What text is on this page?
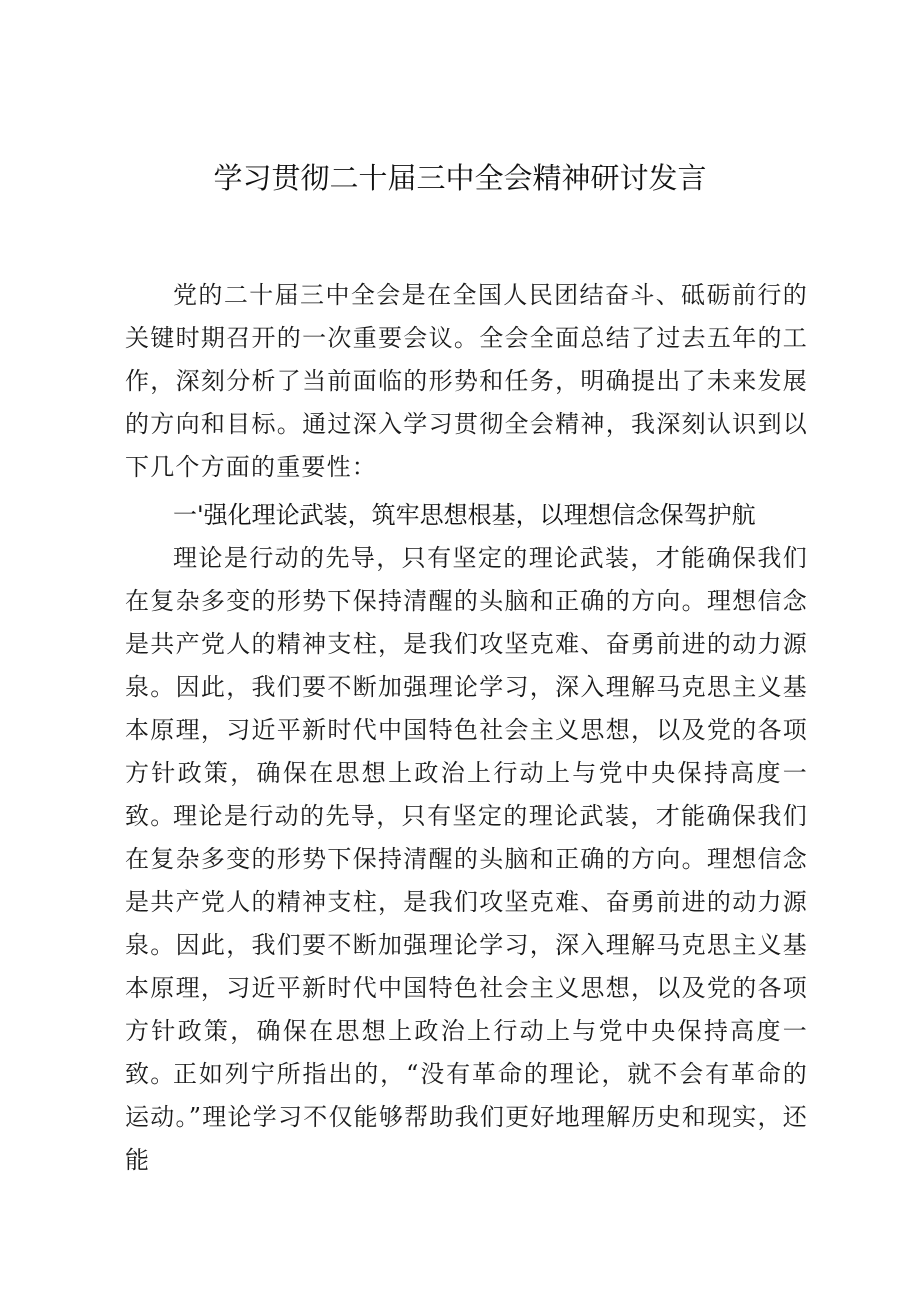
学习贯彻二十届三中全会精神研讨发言

党的二十届三中全会是在全国人民团结奋斗、砥砺前行的关键时期召开的一次重要会议。全会全面总结了过去五年的工作，深刻分析了当前面临的形势和任务，明确提出了未来发展的方向和目标。通过深入学习贯彻全会精神，我深刻认识到以下几个方面的重要性：

一'强化理论武装，筑牢思想根基，以理想信念保驾护航

理论是行动的先导，只有坚定的理论武装，才能确保我们在复杂多变的形势下保持清醒的头脑和正确的方向。理想信念是共产党人的精神支柱，是我们攻坚克难、奋勇前进的动力源泉。因此，我们要不断加强理论学习，深入理解马克思主义基本原理，习近平新时代中国特色社会主义思想，以及党的各项方针政策，确保在思想上政治上行动上与党中央保持高度一致。

理论是行动的先导，只有坚定的理论武装，才能确保我们在复杂多变的形势下保持清醒的头脑和正确的方向。理想信念是共产党人的精神支柱，是我们攻坚克难、奋勇前进的动力源泉。因此，我们要不断加强理论学习，深入理解马克思主义基本原理，习近平新时代中国特色社会主义思想，以及党的各项方针政策，确保在思想上政治上行动上与党中央保持高度一致。

正如列宁所指出的，“没有革命的理论，就不会有革命的运动。”理论学习不仅能够帮助我们更好地理解历史和现实，还能
